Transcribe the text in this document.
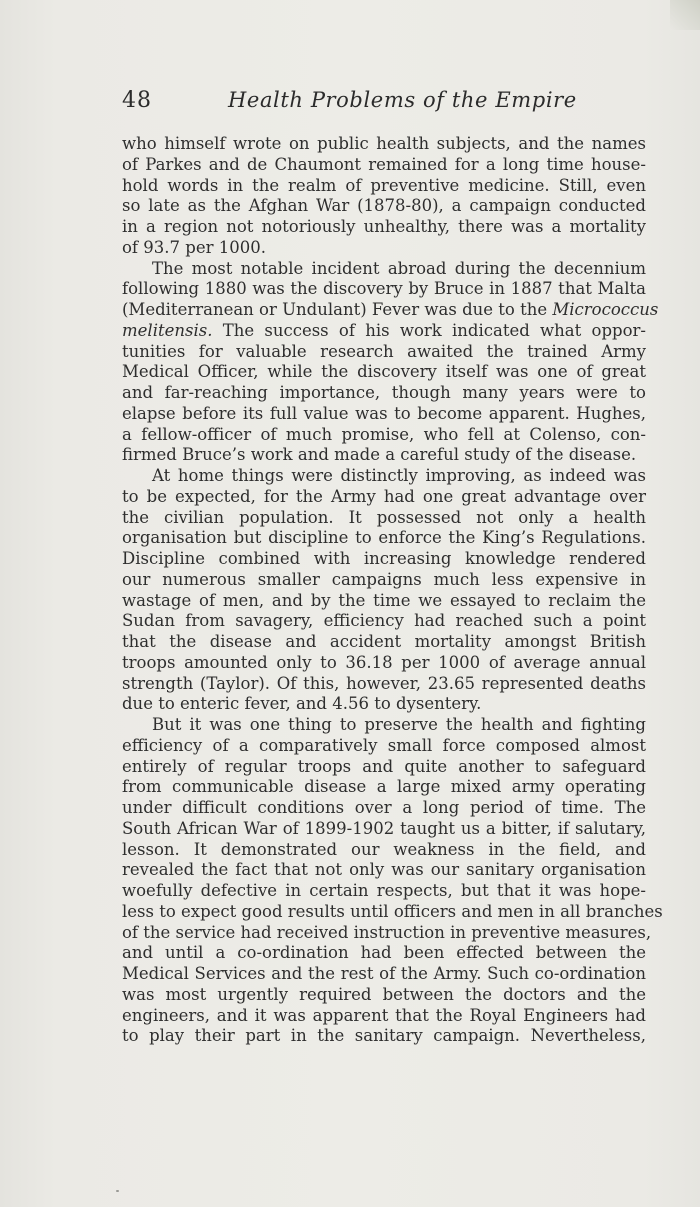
48	Health Problems of the Empire
who himself wrote on public health subjects, and the names
of Parkes and de Chaumont remained for a long time house-
hold words in the realm of preventive medicine. Still, even
so late as the Afghan War (1878-80), a campaign conducted
in a region not notoriously unhealthy, there was a mortality
of 93.7 per 1000.
The most notable incident abroad during the decennium
following 1880 was the discovery by Bruce in 1887 that Malta
(Mediterranean or Undulant) Fever was due to the Micrococcus
melitensis. The success of his work indicated what oppor-
tunities for valuable research awaited the trained Army
Medical Officer, while the discovery itself was one of great
and far-reaching importance, though many years were to
elapse before its full value was to become apparent. Hughes,
a fellow-officer of much promise, who fell at Colenso, con-
firmed Bruce’s work and made a careful study of the disease.
At home things were distinctly improving, as indeed was
to be expected, for the Army had one great advantage over
the civilian population. It possessed not only a health
organisation but discipline to enforce the King’s Regulations.
Discipline combined with increasing knowledge rendered
our numerous smaller campaigns much less expensive in
wastage of men, and by the time we essayed to reclaim the
Sudan from savagery, efficiency had reached such a point
that the disease and accident mortality amongst British
troops amounted only to 36.18 per 1000 of average annual
strength (Taylor). Of this, however, 23.65 represented deaths
due to enteric fever, and 4.56 to dysentery.
But it was one thing to preserve the health and fighting
efficiency of a comparatively small force composed almost
entirely of regular troops and quite another to safeguard
from communicable disease a large mixed army operating
under difficult conditions over a long period of time. The
South African War of 1899-1902 taught us a bitter, if salutary,
lesson. It demonstrated our weakness in the field, and
revealed the fact that not only was our sanitary organisation
woefully defective in certain respects, but that it was hope-
less to expect good results until officers and men in all branches
of the service had received instruction in preventive measures,
and until a co-ordination had been effected between the
Medical Services and the rest of the Army. Such co-ordination
was most urgently required between the doctors and the
engineers, and it was apparent that the Royal Engineers had
to play their part in the sanitary campaign. Nevertheless,
